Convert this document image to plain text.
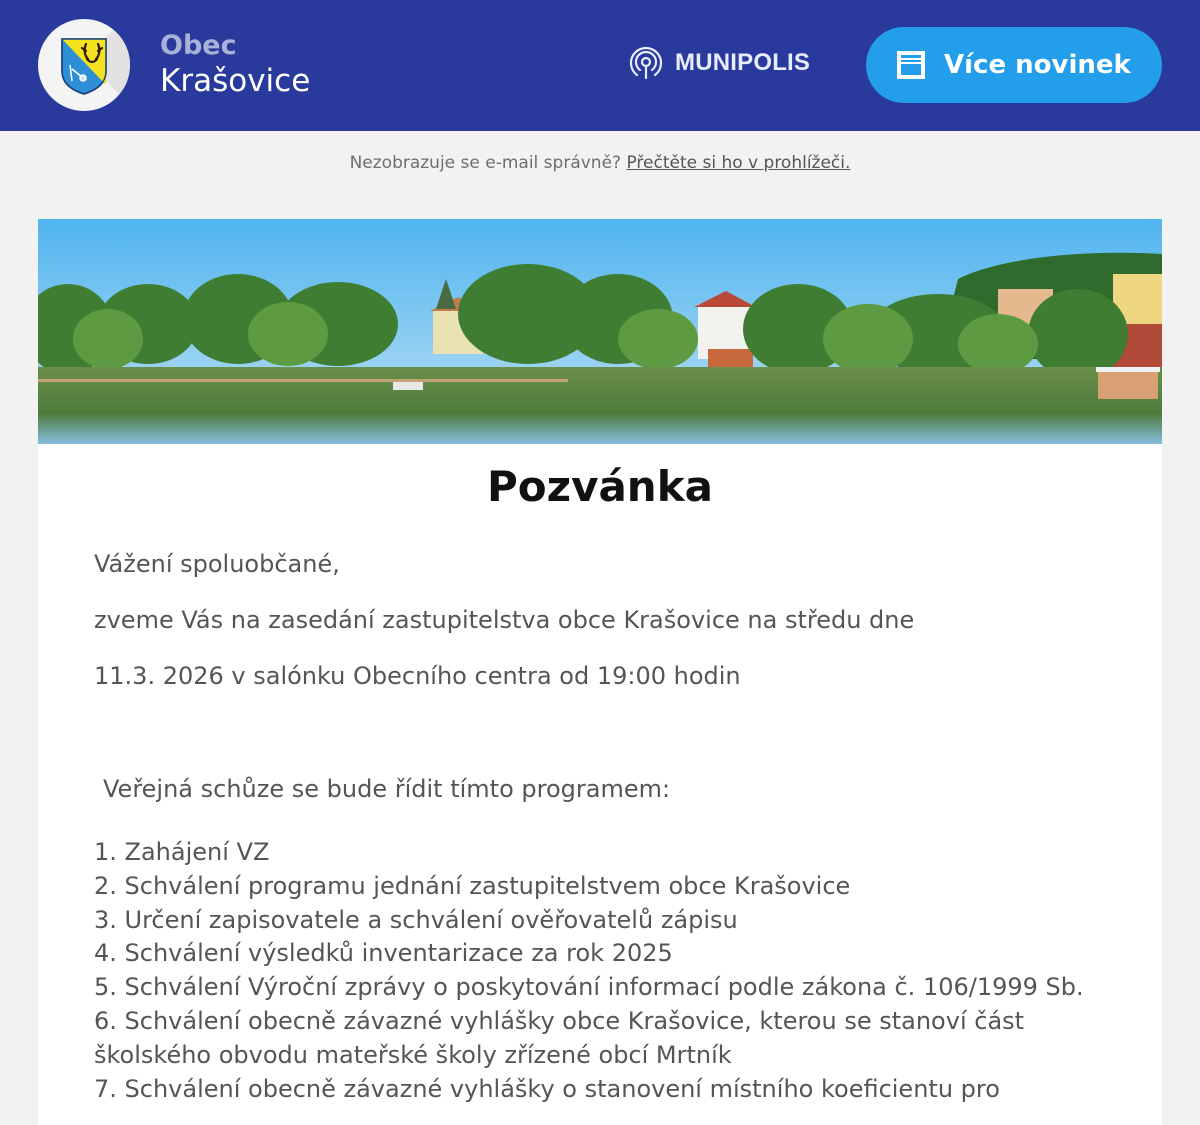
Obec
Krašovice
MUNIPOLIS	Více novinek
Nezobrazuje se e-mail správně? Přečtěte si ho v prohlížeči.
Pozvánka

Vážení spoluobčané,

zveme Vás na zasedání zastupitelstva obce Krašovice na středu dne

11.3. 2026 v salónku Obecního centra od 19:00 hodin

Veřejná schůze se bude řídit tímto programem:

1. Zahájení VZ
2. Schválení programu jednání zastupitelstvem obce Krašovice
3. Určení zapisovatele a schválení ověřovatelů zápisu
4. Schválení výsledků inventarizace za rok 2025
5. Schválení Výroční zprávy o poskytování informací podle zákona č. 106/1999 Sb.
6. Schválení obecně závazné vyhlášky obce Krašovice, kterou se stanoví část školského obvodu mateřské školy zřízené obcí Mrtník
7. Schválení obecně závazné vyhlášky o stanovení místního koeficientu pro
